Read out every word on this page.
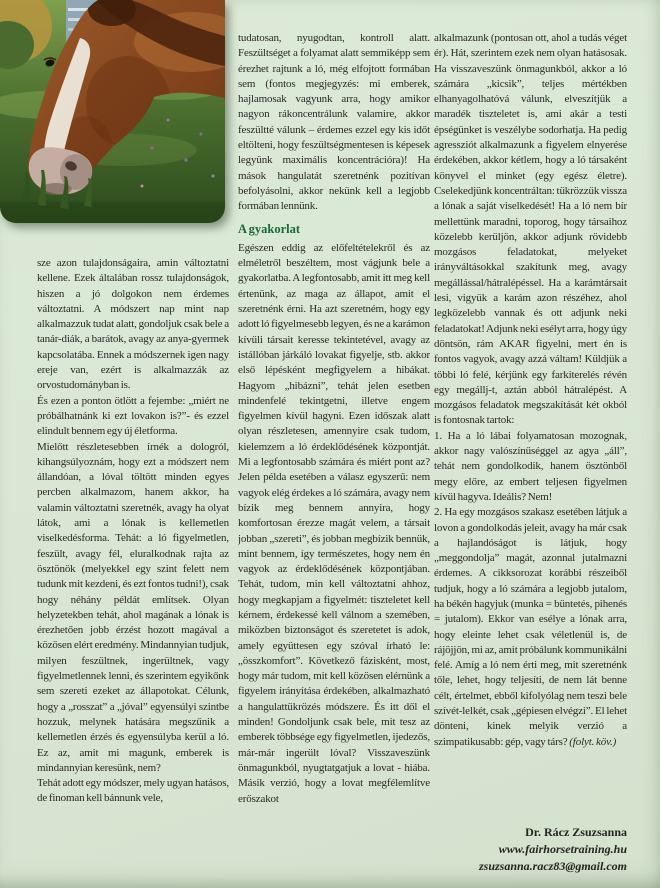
sze azon tulajdonságaira, amin változtatni kellene. Ezek általában rossz tulajdonságok, hiszen a jó dolgokon nem érdemes változtatni. A módszert nap mint nap alkalmazzuk tudat alatt, gondoljuk csak bele a tanár-diák, a barátok, avagy az anya-gyermek kapcsolatába. Ennek a módszernek igen nagy ereje van, ezért is alkalmazzák az orvostudományban is.

És ezen a ponton ötlött a fejembe: „miért ne próbálhatnánk ki ezt lovakon is?”- és ezzel elindult bennem egy új életforma.

Mielőtt részletesebben írnék a dologról, kihangsúlyoznám, hogy ezt a módszert nem állandóan, a lóval töltött minden egyes percben alkalmazom, hanem akkor, ha valamin változtatni szeretnék, avagy ha olyat látok, ami a lónak is kellemetlen viselkedésforma. Tehát: a ló figyelmetlen, feszült, avagy fél, eluralkodnak rajta az ösztönök (melyekkel egy szint felett nem tudunk mit kezdeni, és ezt fontos tudni!), csak hogy néhány példát említsek. Olyan helyzetekben tehát, ahol magának a lónak is érezhetően jobb érzést hozott magával a közösen elért eredmény. Mindannyian tudjuk, milyen feszültnek, ingerültnek, vagy figyelmetlennek lenni, és szerintem egyikőnk sem szereti ezeket az állapotokat. Célunk, hogy a „rosszat” a „jóval” egyensúlyi szintbe hozzuk, melynek hatására megszűnik a kellemetlen érzés és egyensúlyba kerül a ló. Ez az, amit mi magunk, emberek is mindannyian keresünk, nem?

Tehát adott egy módszer, mely ugyan hatásos, de finoman kell bánnunk vele,

tudatosan, nyugodtan, kontroll alatt. Feszültséget a folyamat alatt semmiképp sem érezhet rajtunk a ló, még elfojtott formában sem (fontos megjegyzés: mi emberek, hajlamosak vagyunk arra, hogy amikor nagyon rákoncentrálunk valamire, akkor feszültté válunk – érdemes ezzel egy kis időt eltölteni, hogy feszültségmentesen is képesek legyünk maximális koncentrációra)! Ha mások hangulatát szeretnénk pozitívan befolyásolni, akkor nekünk kell a legjobb formában lennünk.

A gyakorlat

Egészen eddig az előfeltételekről és az elméletről beszéltem, most vágjunk bele a gyakorlatba. A legfontosabb, amit itt meg kell értenünk, az maga az állapot, amit el szeretnénk érni. Ha azt szeretném, hogy egy adott ló figyelmesebb legyen, és ne a karámon kívüli társait keresse tekintetével, avagy az istállóban járkáló lovakat figyelje, stb. akkor első lépésként megfigyelem a hibákat. Hagyom „hibázni”, tehát jelen esetben mindenfelé tekintgetni, illetve engem figyelmen kívül hagyni. Ezen időszak alatt olyan részletesen, amennyire csak tudom, kielemzem a ló érdeklődésének központját. Mi a legfontosabb számára és miért pont az? Jelen példa esetében a válasz egyszerű: nem vagyok elég érdekes a ló számára, avagy nem bízik meg bennem annyira, hogy komfortosan érezze magát velem, a társait jobban „szereti”, és jobban megbízik bennük, mint bennem, így természetes, hogy nem én vagyok az érdeklődésének központjában. Tehát, tudom, min kell változtatni ahhoz, hogy megkapjam a figyelmét: tiszteletet kell kérnem, érdekessé kell válnom a szemében, miközben biztonságot és szeretetet is adok, amely együttesen egy szóval írható le: „összkomfort”. Következő fázisként, most, hogy már tudom, mit kell közösen elérnünk a figyelem irányítása érdekében, alkalmazható a hangulattükrözés módszere. És itt dől el minden! Gondoljunk csak bele, mit tesz az emberek többsége egy figyelmetlen, ijedezős, már-már ingerült lóval? Visszaveszünk önmagunkból, nyugtatgatjuk a lovat - hiába. Másik verzió, hogy a lovat megfélemlítve erőszakot

alkalmazunk (pontosan ott, ahol a tudás véget ér). Hát, szerintem ezek nem olyan hatásosak. Ha visszaveszünk önmagunkból, akkor a ló számára „kicsik”, teljes mértékben elhanyagolhatóvá válunk, elveszítjük a maradék tiszteletet is, ami akár a testi épségünket is veszélybe sodorhatja. Ha pedig agressziót alkalmazunk a figyelem elnyerése érdekében, akkor kétlem, hogy a ló társaként könyvel el minket (egy egész életre). Cselekedjünk koncentráltan: tükrözzük vissza a lónak a saját viselkedését! Ha a ló nem bír mellettünk maradni, toporog, hogy társaihoz közelebb kerüljön, akkor adjunk rövidebb mozgásos feladatokat, melyeket irányváltásokkal szakítunk meg, avagy megállással/hátralépéssel. Ha a karámtársait lesi, vigyük a karám azon részéhez, ahol legközelebb vannak és ott adjunk neki feladatokat! Adjunk neki esélyt arra, hogy úgy döntsön, rám AKAR figyelni, mert én is fontos vagyok, avagy azzá váltam! Küldjük a többi ló felé, kérjünk egy farkiterelés révén egy megállj-t, aztán abból hátralépést. A mozgásos feladatok megszakítását két okból is fontosnak tartok:

1. Ha a ló lábai folyamatosan mozognak, akkor nagy valószínűséggel az agya „áll”, tehát nem gondolkodik, hanem ösztönből megy előre, az embert teljesen figyelmen kívül hagyva. Ideális? Nem!

2. Ha egy mozgásos szakasz esetében látjuk a lovon a gondolkodás jeleit, avagy ha már csak a hajlandóságot is látjuk, hogy „meggondolja” magát, azonnal jutalmazni érdemes. A cikksorozat korábbi részeiből tudjuk, hogy a ló számára a legjobb jutalom, ha békén hagyjuk (munka = büntetés, pihenés = jutalom). Ekkor van esélye a lónak arra, hogy eleinte lehet csak véletlenül is, de rájöjjön, mi az, amit próbálunk kommunikálni felé. Amíg a ló nem érti meg, mit szeretnénk tőle, lehet, hogy teljesíti, de nem lát benne célt, értelmet, ebből kifolyólag nem teszi bele szívét-lelkét, csak „gépiesen elvégzi”. El lehet dönteni, kinek melyik verzió a szimpatikusabb: gép, vagy társ? (folyt. köv.)

Dr. Rácz Zsuzsanna
www.fairhorsetraining.hu
zsuzsanna.racz83@gmail.com
